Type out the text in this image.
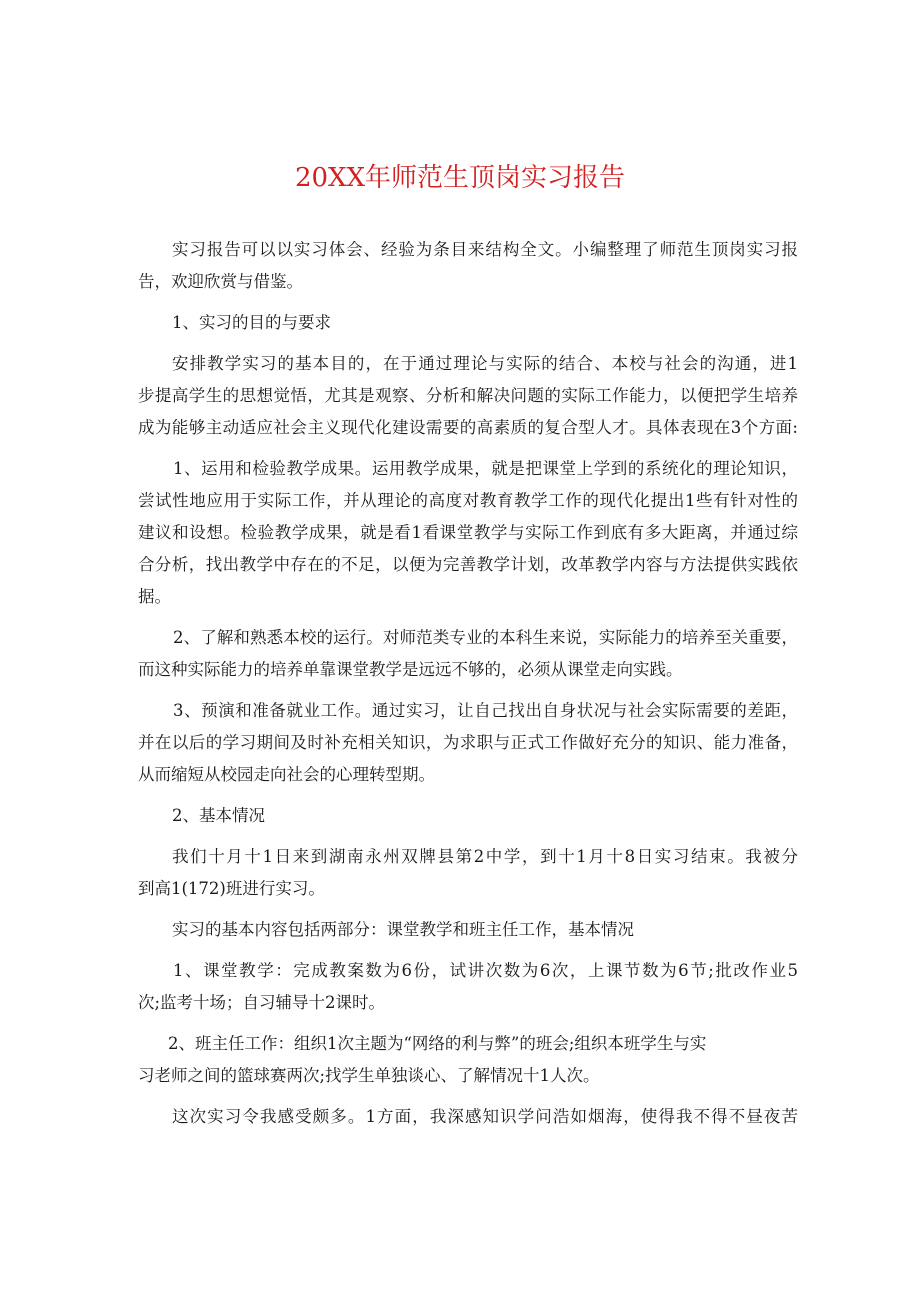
20XX年师范生顶岗实习报告

实习报告可以以实习体会、经验为条目来结构全文。小编整理了师范生顶岗实习报
告，欢迎欣赏与借鉴。

1、实习的目的与要求

安排教学实习的基本目的，在于通过理论与实际的结合、本校与社会的沟通，进1
步提高学生的思想觉悟，尤其是观察、分析和解决问题的实际工作能力，以便把学生培养
成为能够主动适应社会主义现代化建设需要的高素质的复合型人才。具体表现在3个方面:

1、运用和检验教学成果。运用教学成果，就是把课堂上学到的系统化的理论知识，
尝试性地应用于实际工作，并从理论的高度对教育教学工作的现代化提出1些有针对性的
建议和设想。检验教学成果，就是看1看课堂教学与实际工作到底有多大距离，并通过综
合分析，找出教学中存在的不足，以便为完善教学计划，改革教学内容与方法提供实践依
据。

2、了解和熟悉本校的运行。对师范类专业的本科生来说，实际能力的培养至关重要，
而这种实际能力的培养单靠课堂教学是远远不够的，必须从课堂走向实践。

3、预演和准备就业工作。通过实习，让自己找出自身状况与社会实际需要的差距，
并在以后的学习期间及时补充相关知识，为求职与正式工作做好充分的知识、能力准备，
从而缩短从校园走向社会的心理转型期。

2、基本情况

我们十月十1日来到湖南永州双牌县第2中学，到十1月十8日实习结束。我被分
到高1(172)班进行实习。

实习的基本内容包括两部分：课堂教学和班主任工作，基本情况

1、课堂教学：完成教案数为6份，试讲次数为6次，上课节数为6节;批改作业5
次;监考十场；自习辅导十2课时。

2、班主任工作：组织1次主题为“网络的利与弊”的班会;组织本班学生与实
习老师之间的篮球赛两次;找学生单独谈心、了解情况十1人次。

这次实习令我感受颇多。1方面，我深感知识学问浩如烟海，使得我不得不昼夜苦
